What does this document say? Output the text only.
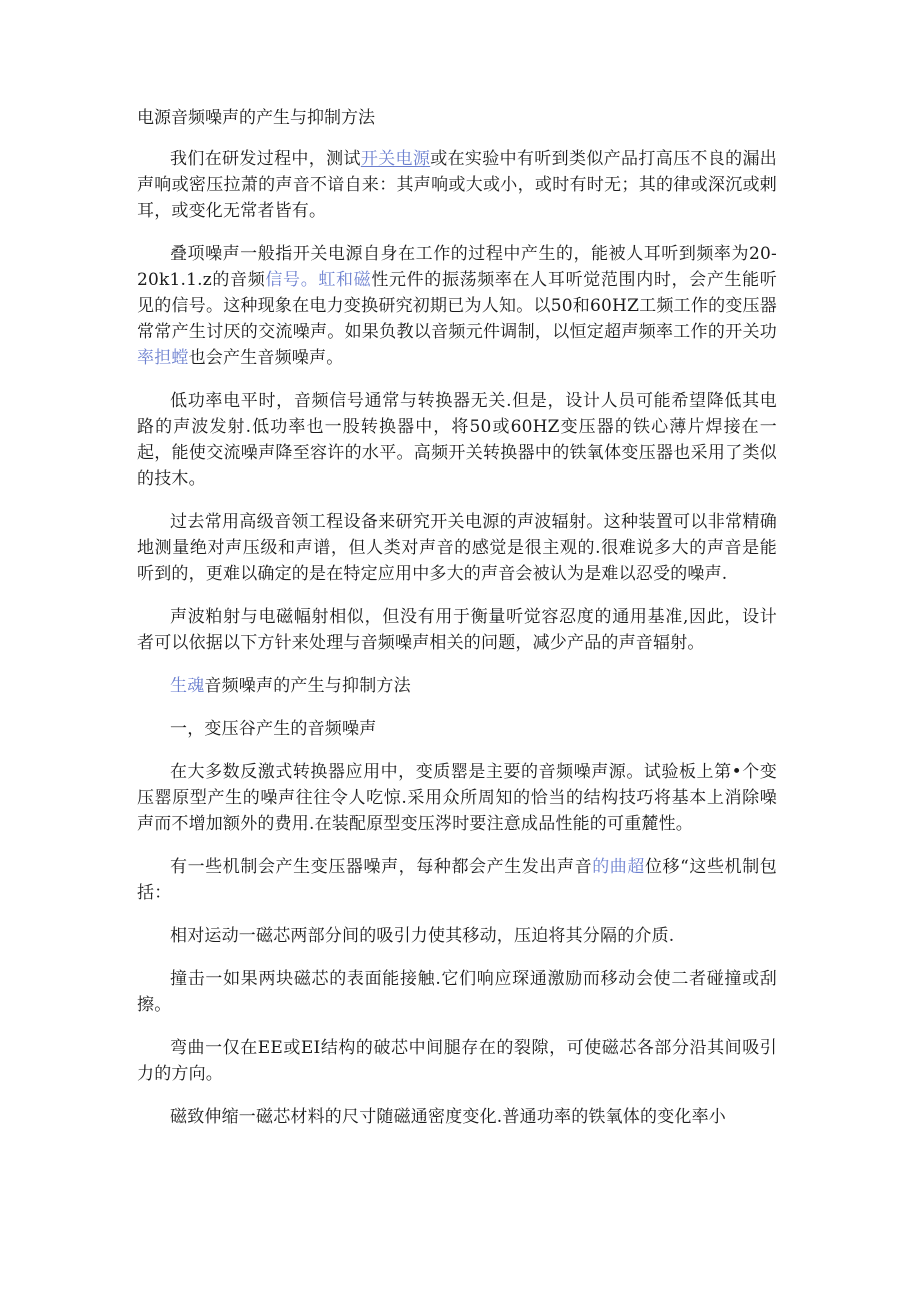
电源音频噪声的产生与抑制方法

我们在研发过程中，测试开关电源或在实验中有听到类似产品打高压不良的漏出声响或密压拉萧的声音不谙自来：其声响或大或小，或时有时无；其的律或深沉或剌耳，或变化无常者皆有。

叠项噪声一般指开关电源自身在工作的过程中产生的，能被人耳听到频率为20-20k1.1.z的音频信号。虹和磁性元件的振荡频率在人耳听觉范围内时，会产生能听见的信号。这种现象在电力变换研究初期已为人知。以50和60HZ工频工作的变压器常常产生讨厌的交流噪声。如果负教以音频元件调制，以恒定超声频率工作的开关功率担螳也会产生音频噪声。

低功率电平时，音频信号通常与转换器无关.但是，设计人员可能希望降低其电路的声波发射.低功率也一股转换器中，将50或60HZ变压器的铁心薄片焊接在一起，能使交流噪声降至容许的水平。高频开关转换器中的铁氧体变压器也采用了类似的技木。

过去常用高级音领工程设备来研究开关电源的声波辐射。这种装置可以非常精确地测量绝对声压级和声谱，但人类对声音的感觉是很主观的.很难说多大的声音是能听到的，更难以确定的是在特定应用中多大的声音会被认为是难以忍受的噪声.

声波粕射与电磁幅射相似，但没有用于衡量听觉容忍度的通用基准,因此，设计者可以依据以下方针来处理与音频噪声相关的问题，减少产品的声音辐射。

生魂音频噪声的产生与抑制方法

一，变压谷产生的音频噪声

在大多数反激式转换器应用中，变质罂是主要的音频噪声源。试验板上第•个变压罂原型产生的噪声往往令人吃惊.采用众所周知的恰当的结构技巧将基本上消除噪声而不增加额外的费用.在装配原型变压涔时要注意成品性能的可重麓性。

有一些机制会产生变压器噪声，每种都会产生发出声音的曲超位移“这些机制包括：

相对运动一磁芯两部分间的吸引力使其移动，压迫将其分隔的介质.

撞击一如果两块磁芯的表面能接触.它们响应琛通激励而移动会使二者碰撞或刮擦。

弯曲一仅在EE或EI结构的破芯中间腿存在的裂隙，可使磁芯各部分沿其间吸引力的方向。

磁致伸缩一磁芯材料的尺寸随磁通密度变化.普通功率的铁氧体的变化率小
